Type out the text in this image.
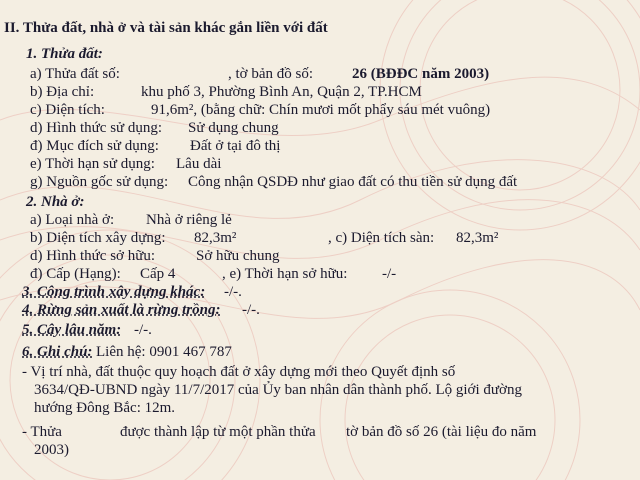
II. Thửa đất, nhà ở và tài sản khác gắn liền với đất
1. Thửa đất:
a) Thửa đất số:	, tờ bản đồ số:	26 (BĐĐC năm 2003)
b) Địa chỉ:	khu phố 3, Phường Bình An, Quận 2, TP.HCM
c) Diện tích:	91,6m², (bằng chữ: Chín mươi mốt phẩy sáu mét vuông)
d) Hình thức sử dụng: Sử dụng chung
đ) Mục đích sử dụng: Đất ở tại đô thị
e) Thời hạn sử dụng: Lâu dài
g) Nguồn gốc sử dụng: Công nhận QSDĐ như giao đất có thu tiền sử dụng đất
2. Nhà ở:
a) Loại nhà ở: Nhà ở riêng lẻ
b) Diện tích xây dựng: 82,3m²	, c) Diện tích sàn: 82,3m²
d) Hình thức sở hữu:	Sở hữu chung
đ) Cấp (Hạng): Cấp 4	, e) Thời hạn sở hữu: -/-
3. Công trình xây dựng khác: -/-.
4. Rừng sản xuất là rừng trồng: -/-.
5. Cây lâu năm: -/-.
6. Ghi chú: Liên hệ: 0901 467 787
- Vị trí nhà, đất thuộc quy hoạch đất ở xây dựng mới theo Quyết định số
3634/QĐ-UBND ngày 11/7/2017 của Ủy ban nhân dân thành phố. Lộ giới đường
hướng Đông Bắc: 12m.
- Thửa	được thành lập từ một phần thửa tờ bản đồ số 26 (tài liệu đo năm
2003)
